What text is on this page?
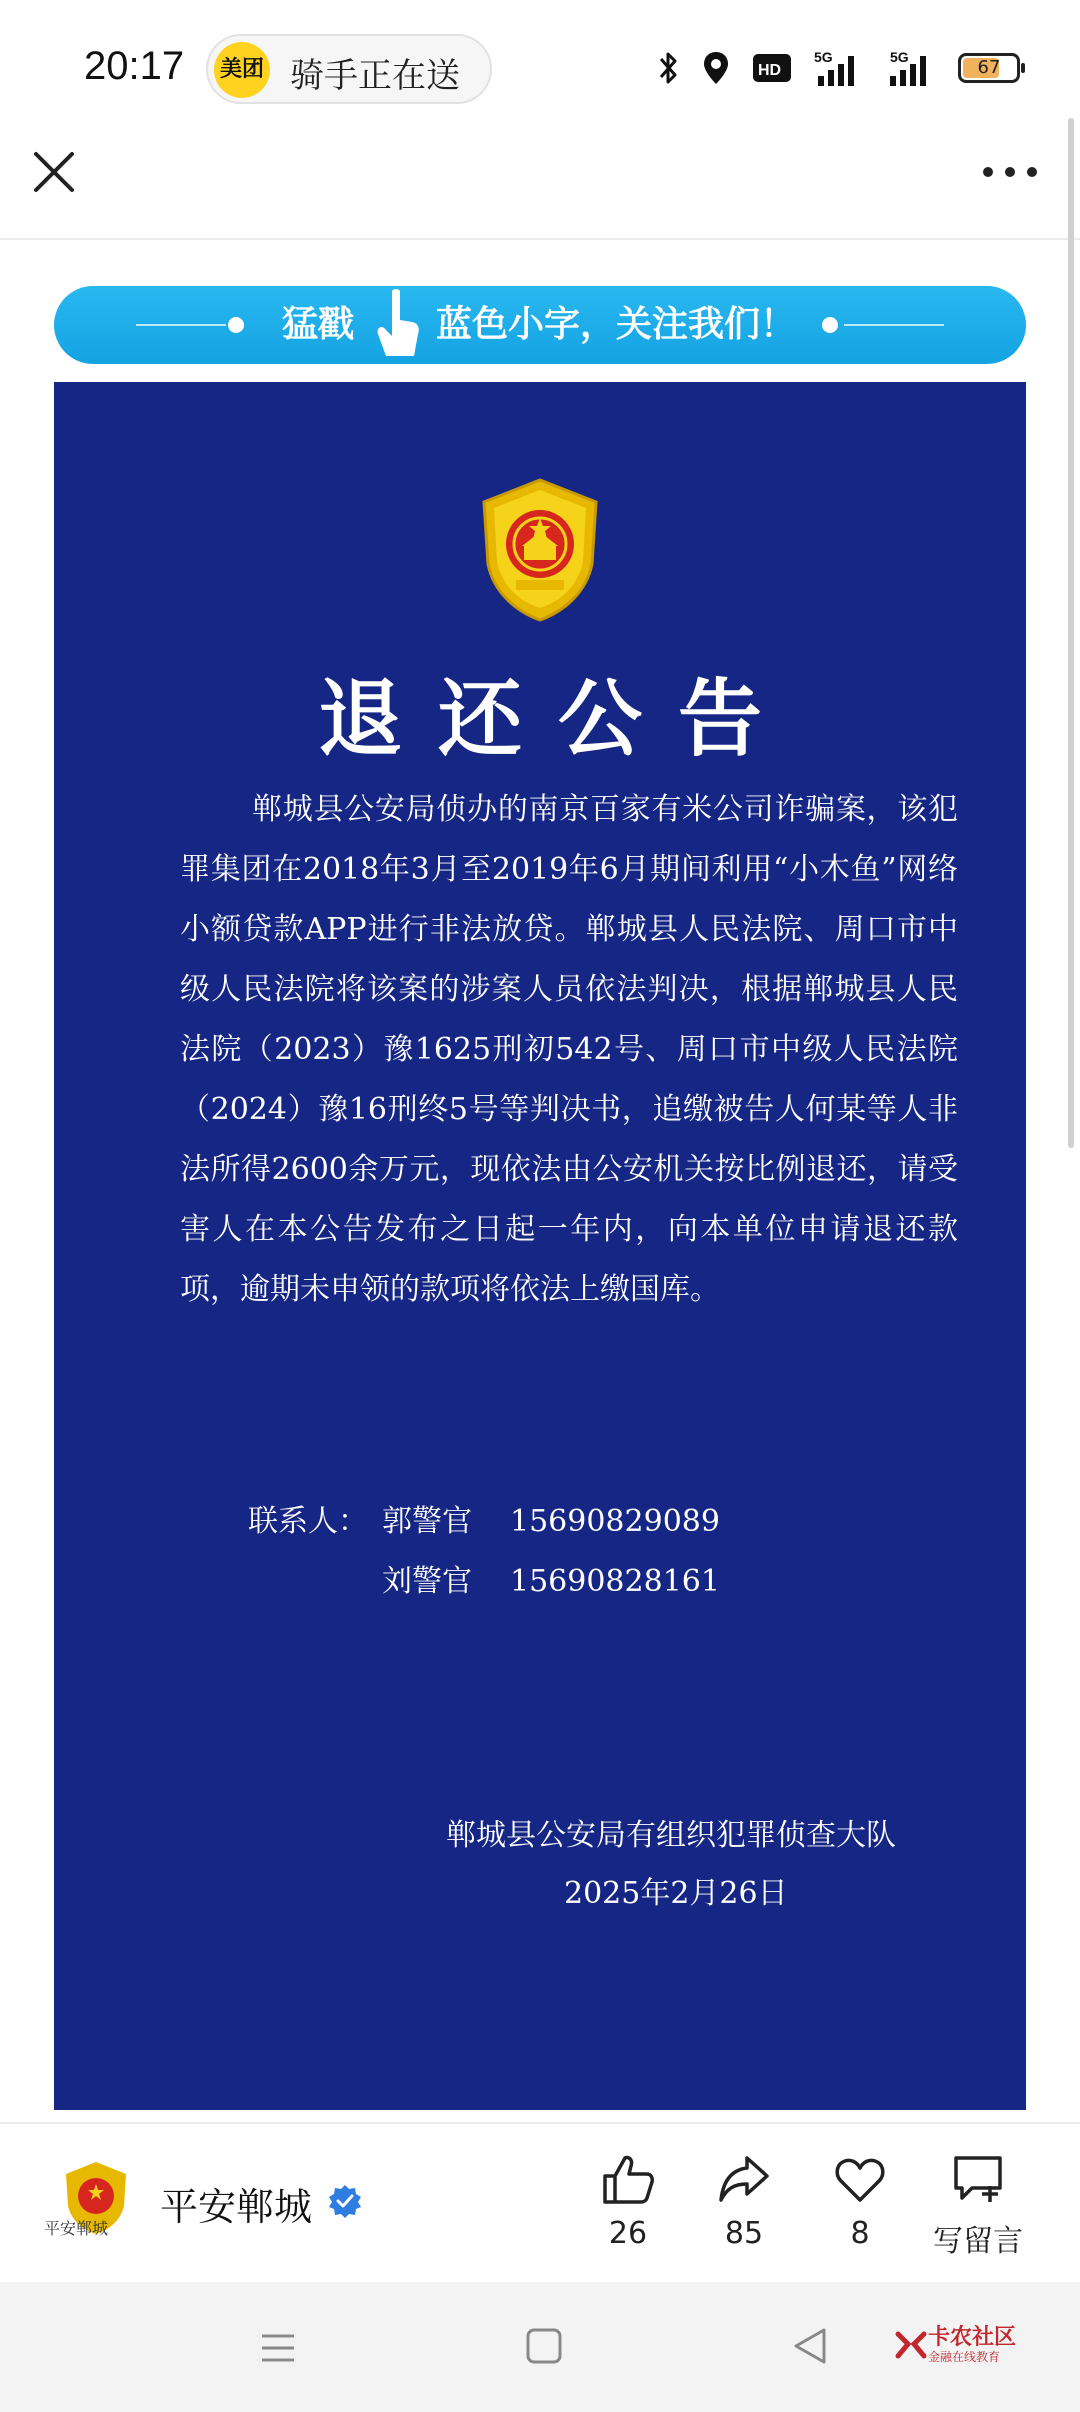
20:17 美团 骑手正在送	HD
5G	5G	67
猛戳 蓝色小字，关注我们！
退还公告
郸城县公安局侦办的南京百家有米公司诈骗案，该犯罪集团在2018年3月至2019年6月期间利用“小木鱼”网络小额贷款APP进行非法放贷。郸城县人民法院、周口市中级人民法院将该案的涉案人员依法判决，根据郸城县人民法院（2023）豫1625刑初542号、周口市中级人民法院（2024）豫16刑终5号等判决书，追缴被告人何某等人非法所得2600余万元，现依法由公安机关按比例退还，请受害人在本公告发布之日起一年内，向本单位申请退还款项，逾期未申领的款项将依法上缴国库。
联系人： 郭警官 15690829089
刘警官 15690828161
郸城县公安局有组织犯罪侦查大队
2025年2月26日
平安郸城 平安郸城
26	85	8	写留言
卡农社区
金融在线教育
